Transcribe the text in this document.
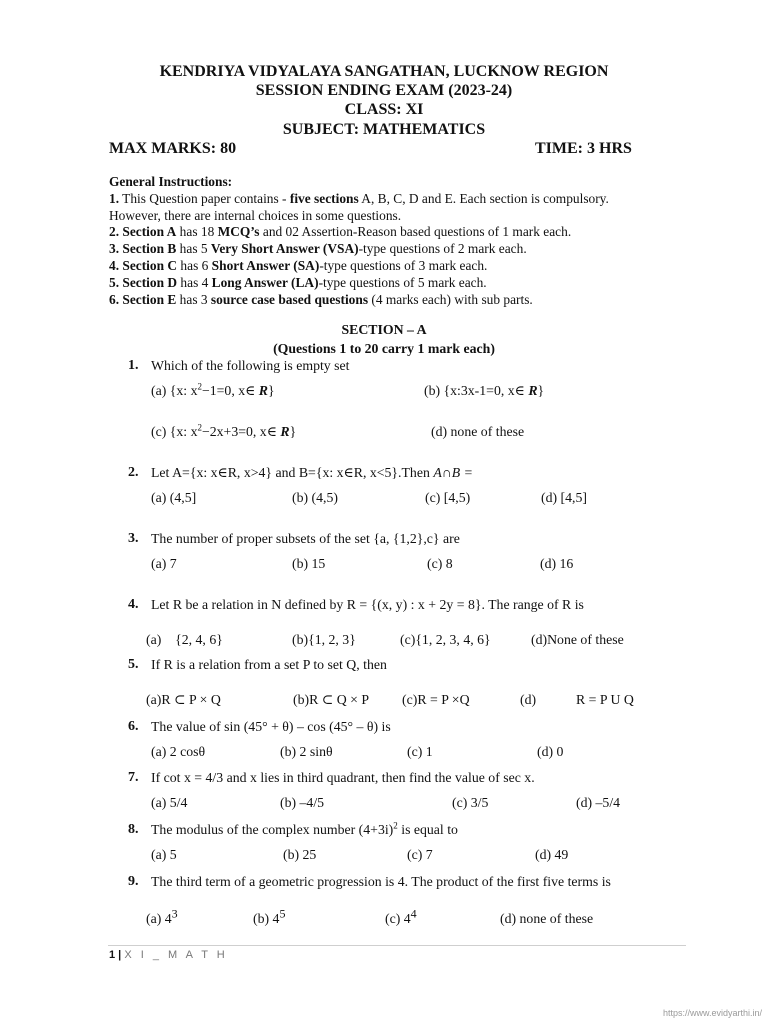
KENDRIYA VIDYALAYA SANGATHAN, LUCKNOW REGION
SESSION ENDING EXAM (2023-24)
CLASS: XI
SUBJECT: MATHEMATICS
MAX MARKS: 80	TIME: 3 HRS
General Instructions:
1. This Question paper contains - five sections A, B, C, D and E. Each section is compulsory.
However, there are internal choices in some questions.
2. Section A has 18 MCQ’s and 02 Assertion-Reason based questions of 1 mark each.
3. Section B has 5 Very Short Answer (VSA)-type questions of 2 mark each.
4. Section C has 6 Short Answer (SA)-type questions of 3 mark each.
5. Section D has 4 Long Answer (LA)-type questions of 5 mark each.
6. Section E has 3 source case based questions (4 marks each) with sub parts.
SECTION – A
(Questions 1 to 20 carry 1 mark each)
1. Which of the following is empty set
(a) {x: $x^2-1=0$, x∈ R}	(b) {x:3x-1=0, x∈ R}
(c) {x: $x^2-2x+3=0$, x∈ R}	(d) none of these
2. Let A={x: x∈R, x>4} and B={x: x∈R, x<5}.Then A∩B =
(a) (4,5]	(b) (4,5)	(c) [4,5)	(d) [4,5]
3. The number of proper subsets of the set {a, {1,2},c} are
(a) 7	(b) 15	(c) 8	(d) 16
4. Let R be a relation in N defined by R = {(x, y) : x + 2y = 8}. The range of R is
(a)    {2, 4, 6}	(b){1, 2, 3}	(c){1, 2, 3, 4, 6}	(d)None of these
5. If R is a relation from a set P to set Q, then
(a)R ⊂ P × Q	(b)R ⊂ Q × P (c)R = P ×Q	(d)	R = P U Q
6. The value of sin (45° + θ) – cos (45° – θ) is
(a) 2 cosθ	(b) 2 sinθ	(c) 1	(d) 0
7. If cot x = 4/3 and x lies in third quadrant, then find the value of sec x.
(a) 5/4	(b) –4/5	(c) 3/5	(d) –5/4
8. The modulus of the complex number $(4+3i)^2$ is equal to
(a) 5	(b) 25	(c) 7	(d) 49
9. The third term of a geometric progression is 4. The product of the first five terms is
(a) $4^3$	(b) $4^5$	(c) $4^4$	(d) none of these
1 | X I _ M A T H
https://www.evidyarthi.in/
